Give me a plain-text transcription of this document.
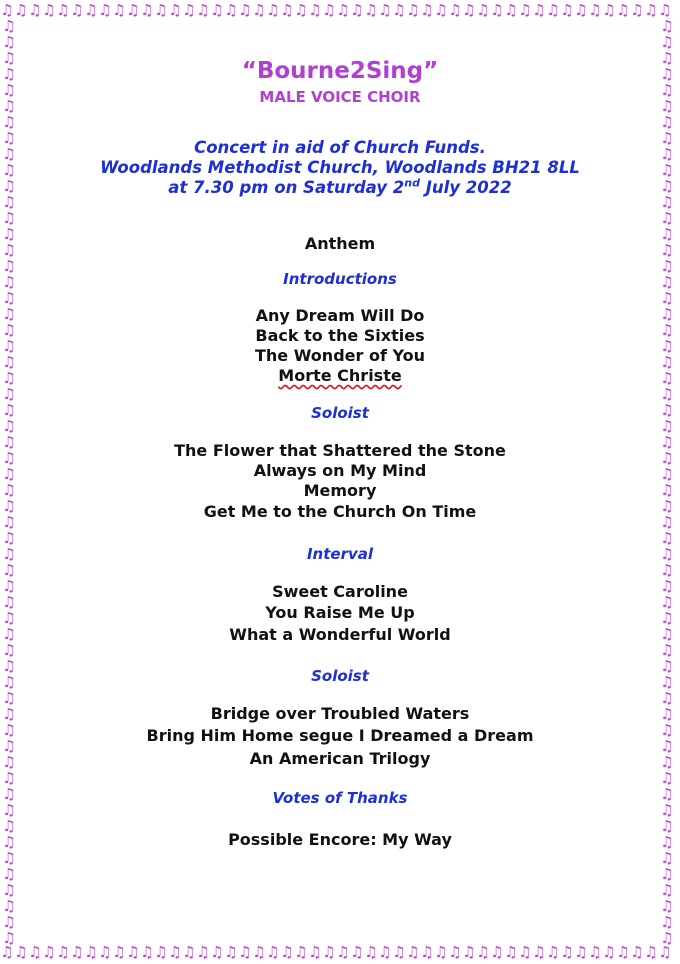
♫ ♫ ♫ ♫ ♫ ♫ ♫ ♫ ♫ ♫ ♫ ♫ ♫ ♫ ♫ ♫ ♫ ♫ ♫ ♫ ♫ ♫ ♫ ♫ ♫ ♫ ♫ ♫ ♫ ♫ ♫ ♫ ♫ ♫ ♫ ♫ ♫ ♫ ♫ ♫ ♫ ♫ ♫ ♫ ♫ ♫ ♫ ♫
♫ ♫ ♫ ♫ ♫ ♫ ♫ ♫ ♫ ♫ ♫ ♫ ♫ ♫ ♫ ♫ ♫ ♫ ♫ ♫ ♫ ♫ ♫ ♫ ♫ ♫ ♫ ♫ ♫ ♫ ♫ ♫ ♫ ♫ ♫ ♫ ♫ ♫ ♫ ♫ ♫ ♫ ♫ ♫ ♫ ♫ ♫ ♫
♫
♫
♫
♫
♫
♫
♫
♫
♫
♫
♫
♫
♫
♫
♫
♫
♫
♫
♫
♫
♫
♫
♫
♫
♫
♫
♫
♫
♫
♫
♫
♫
♫
♫
♫
♫
♫
♫
♫
♫
♫
♫
♫
♫
♫
♫
♫
♫
♫
♫
♫
♫
♫
♫
♫
♫
♫
♫
♫
♫
♫
♫
♫
♫
♫
♫
♫
♫
♫
♫
♫
♫
♫
♫
♫
♫
♫
♫
♫
♫
♫
♫
♫
♫
♫
♫
♫
♫
♫
♫
♫
♫
♫
♫
♫
♫
♫
♫
♫
♫
♫
♫
♫
♫
♫
♫
♫
♫
♫
♫
♫
♫
♫
♫
♫
♫
“Bourne2Sing”
MALE VOICE CHOIR
Concert in aid of Church Funds.
Woodlands Methodist Church, Woodlands BH21 8LL
at 7.30 pm on Saturday 2nd July 2022
Anthem
Introductions
Any Dream Will Do
Back to the Sixties
The Wonder of You
Morte Christe
Soloist
The Flower that Shattered the Stone
Always on My Mind
Memory
Get Me to the Church On Time
Interval
Sweet Caroline
You Raise Me Up
What a Wonderful World
Soloist
Bridge over Troubled Waters
Bring Him Home segue I Dreamed a Dream
An American Trilogy
Votes of Thanks
Possible Encore: My Way
